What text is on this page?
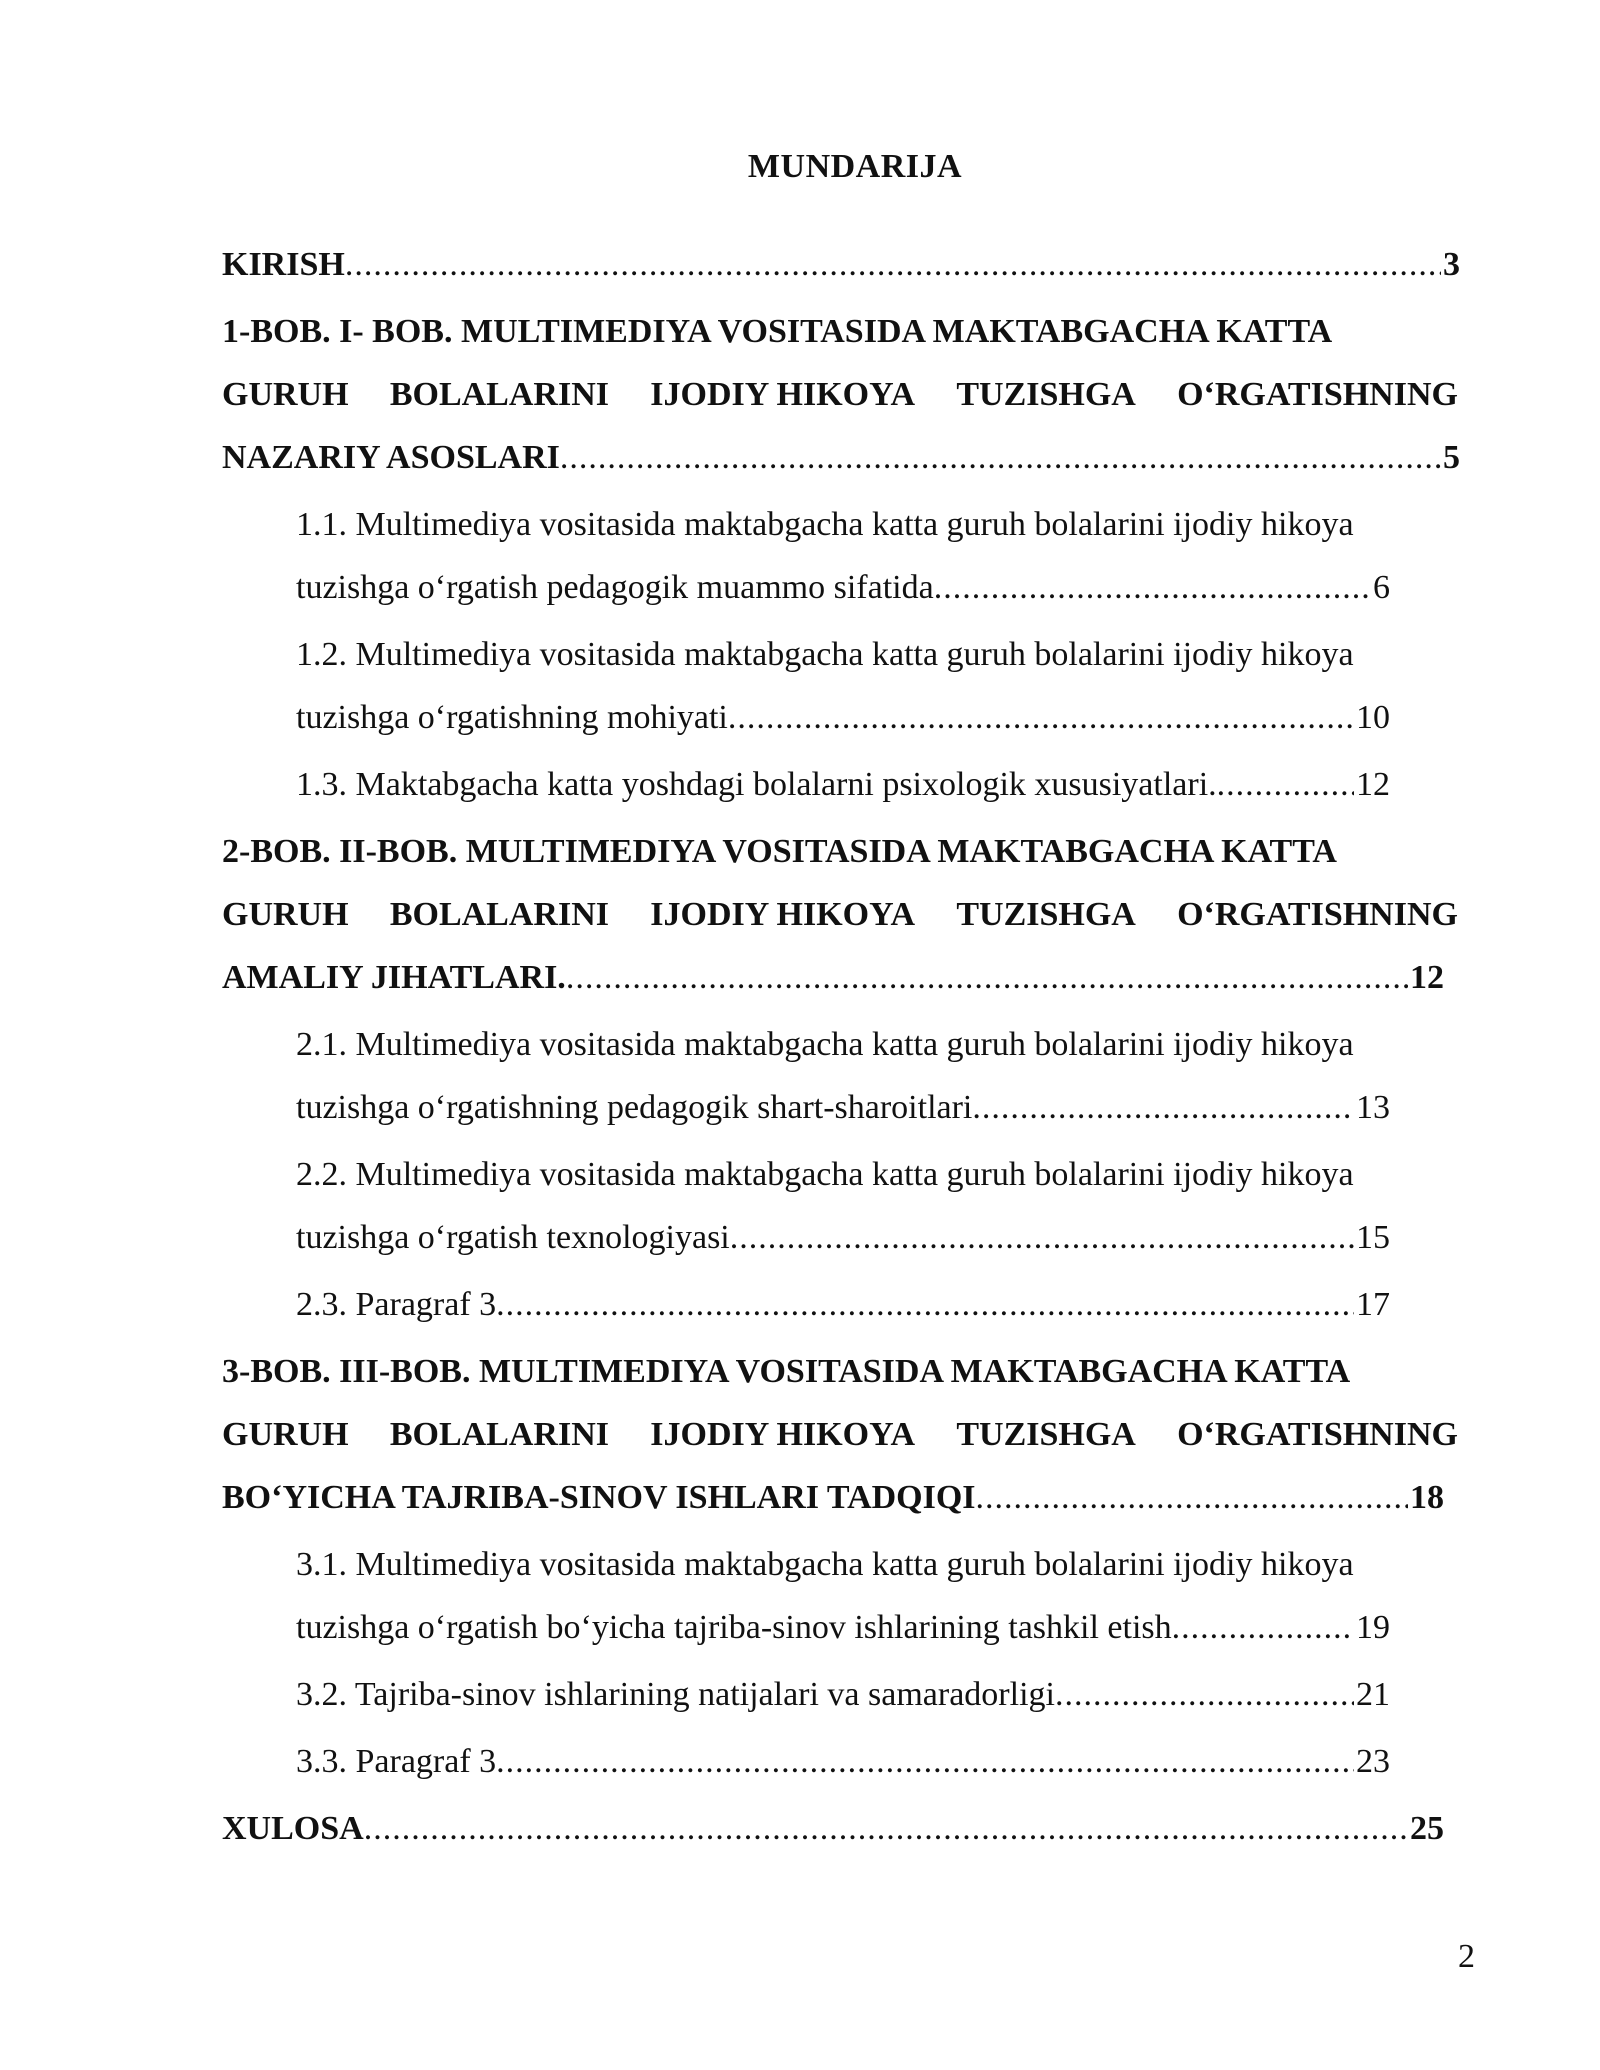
MUNDARIJA
KIRISH .....	3
1-BOB. I- BOB. MULTIMEDIYA VOSITASIDA MAKTABGACHA KATTA
GURUH BOLALARINI IJODIY HIKOYA TUZISHGA O‘RGATISHNING
NAZARIY ASOSLARI .....	5
1.1. Multimediya vositasida maktabgacha katta guruh bolalarini ijodiy hikoya
tuzishga o‘rgatish pedagogik muammo sifatida .....	6
1.2. Multimediya vositasida maktabgacha katta guruh bolalarini ijodiy hikoya
tuzishga o‘rgatishning mohiyati .....	10
1.3. Maktabgacha katta yoshdagi bolalarni psixologik xususiyatlari. .....	12
2-BOB. II-BOB. MULTIMEDIYA VOSITASIDA MAKTABGACHA KATTA
GURUH BOLALARINI IJODIY HIKOYA TUZISHGA O‘RGATISHNING
AMALIY JIHATLARI. .....	12
2.1. Multimediya vositasida maktabgacha katta guruh bolalarini ijodiy hikoya
tuzishga o‘rgatishning pedagogik shart-sharoitlari .....	13
2.2. Multimediya vositasida maktabgacha katta guruh bolalarini ijodiy hikoya
tuzishga o‘rgatish texnologiyasi .....	15
2.3. Paragraf 3 .....	17
3-BOB. III-BOB. MULTIMEDIYA VOSITASIDA MAKTABGACHA KATTA
GURUH BOLALARINI IJODIY HIKOYA TUZISHGA O‘RGATISHNING
BO‘YICHA TAJRIBA-SINOV ISHLARI TADQIQI .....	18
3.1. Multimediya vositasida maktabgacha katta guruh bolalarini ijodiy hikoya
tuzishga o‘rgatish bo‘yicha tajriba-sinov ishlarining tashkil etish .....	19
3.2. Tajriba-sinov ishlarining natijalari va samaradorligi .....	21
3.3. Paragraf 3 .....	23
XULOSA .....	25
2
